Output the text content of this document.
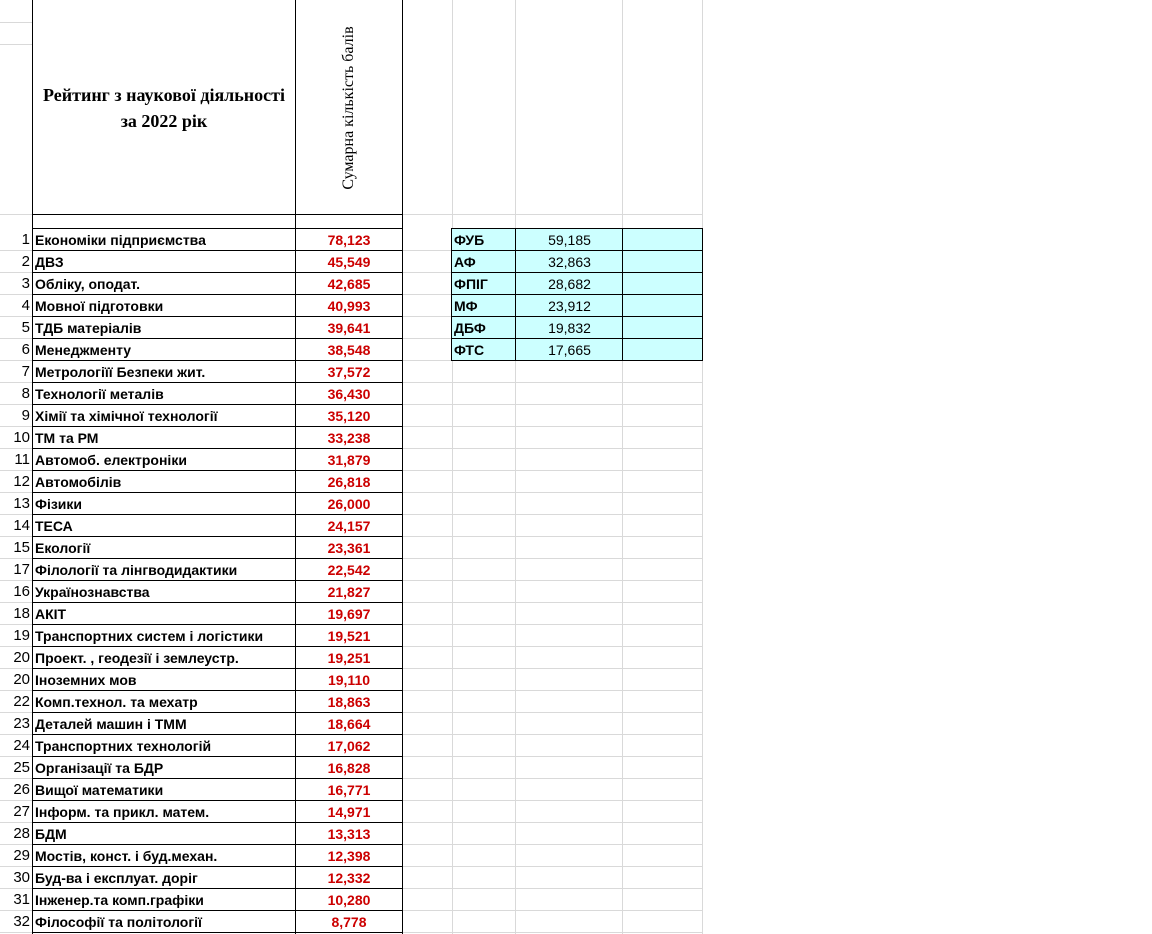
Рейтинг з наукової діяльності за 2022 рік	Сумарна кількість балів
1 Економіки підприємства	78,123
2 ДВЗ	45,549
3 Обліку, оподат.	42,685
4 Мовної підготовки	40,993
5 ТДБ матеріалів	39,641
6 Менеджменту	38,548
7 Метрологіїї Безпеки жит.	37,572
8 Технології металів	36,430
9 Хімії та хімічної технології	35,120
10 ТМ та РМ	33,238
11 Автомоб. електроніки	31,879
12 Автомобілів	26,818
13 Фізики	26,000
14 ТЕСА	24,157
15 Екології	23,361
17 Філології та лінгводидактики	22,542
16 Українознавства	21,827
18 АКІТ	19,697
19 Транспортних систем і логістики	19,521
20 Проект. , геодезії і землеустр.	19,251
20 Іноземних мов	19,110
22 Комп.технол. та мехатр	18,863
23 Деталей машин і ТММ	18,664
24 Транспортних технологій	17,062
25 Організації та БДР	16,828
26 Вищої математики	16,771
27 Інформ. та прикл. матем.	14,971
28 БДМ	13,313
29 Мостів, конст. і буд.механ.	12,398
30 Буд-ва і експлуат. доріг	12,332
31 Інженер.та комп.графіки	10,280
32 Філософії та політології	8,778
ФУБ	59,185
АФ	32,863
ФПІГ	28,682
МФ	23,912
ДБФ	19,832
ФТС	17,665
